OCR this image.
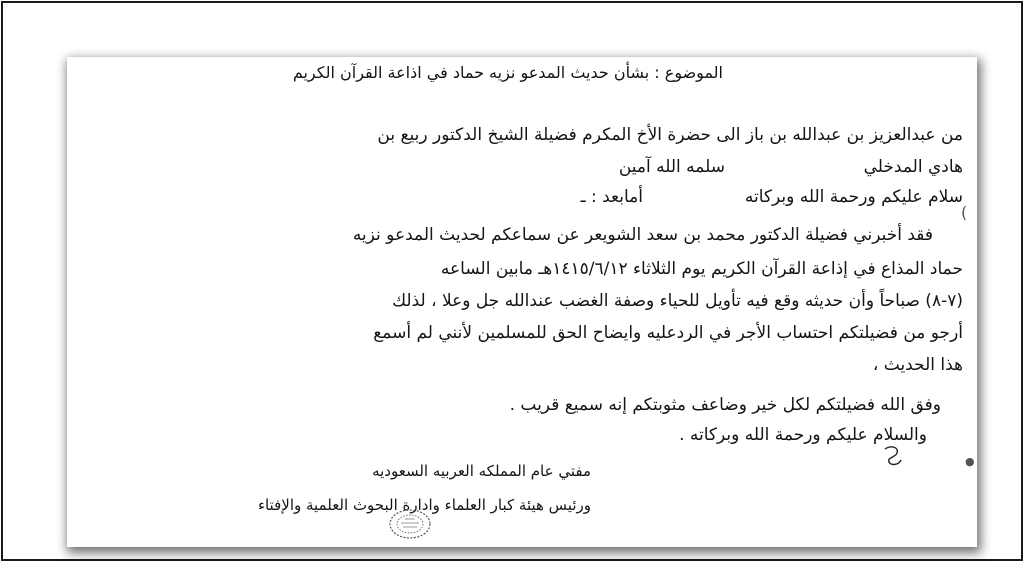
الموضوع : بشأن حديث المدعو نزيه حماد في اذاعة القرآن الكريم
من عبدالعزيز بن عبدالله بن باز الى حضرة الأخ المكرم فضيلة الشيخ الدكتور ربيع بن
هادي المدخلي
سلمه الله آمين
سلام عليكم ورحمة الله وبركاته
أمابعد : ـ
فقد أخبرني فضيلة الدكتور محمد بن سعد الشويعر عن سماعكم لحديث المدعو نزيه
حماد المذاع في إذاعة القرآن الكريم يوم الثلاثاء ١٤١٥/٦/١٢هـ مابين الساعه
(٧-٨) صباحاً وأن حديثه وقع فيه تأويل للحياء وصفة الغضب عندالله جل وعلا ، لذلك
أرجو من فضيلتكم احتساب الأجر في الردعليه وايضاح الحق للمسلمين لأنني لم أسمع
هذا الحديث ،
وفق الله فضيلتكم لكل خير وضاعف مثوبتكم إنه سميع قريب .
والسلام عليكم ورحمة الله وبركاته .
مفتي عام المملكه العربيه السعوديه
ورئيس هيئة كبار العلماء وادارة البحوث العلمية والإفتاء
(
●
